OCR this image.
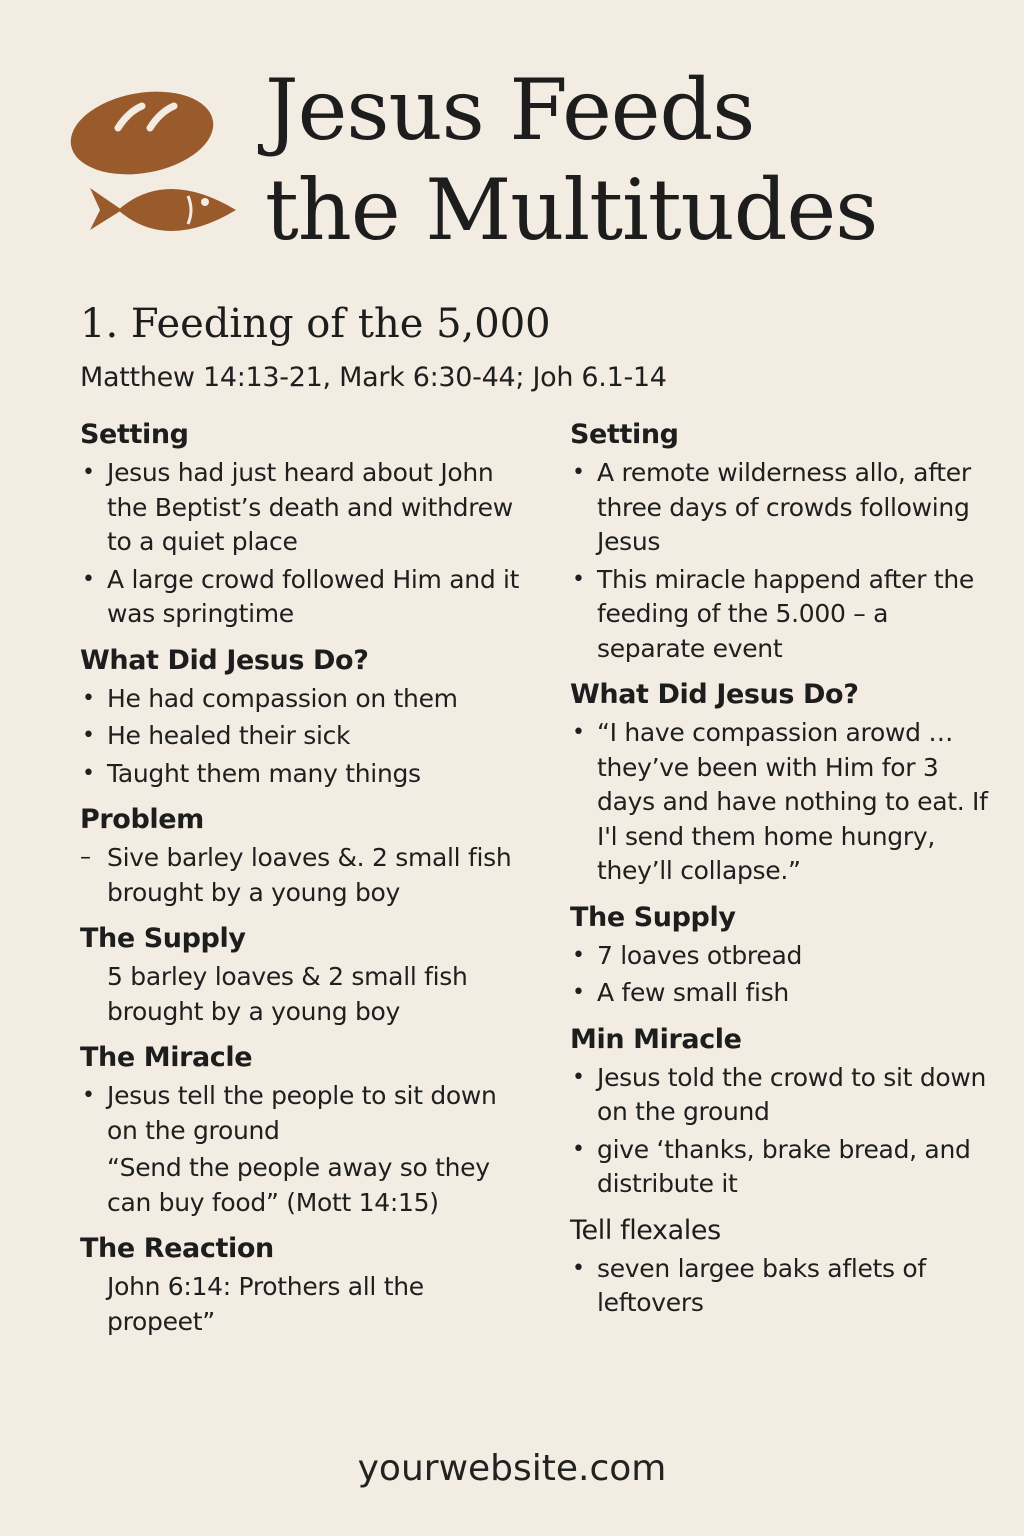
Jesus Feeds
the Multitudes
1. Feeding of the 5,000
Matthew 14:13-21, Mark 6:30-44; Joh 6.1-14
Setting
• Jesus had just heard about John the Beptist’s death and withdrew to a quiet place
• A large crowd followed Him and it was springtime
What Did Jesus Do?
• He had compassion on them
• He healed their sick
• Taught them many things
Problem
– Sive barley loaves &. 2 small fish brought by a young boy
The Supply
5 barley loaves & 2 small fish brought by a young boy
The Miracle
• Jesus tell the people to sit down on the ground
“Send the people away so they can buy food” (Mott 14:15)
The Reaction
John 6:14: Prothers all the propeet”
Setting
• A remote wilderness allo, after three days of crowds following Jesus
• This miracle happend after the feeding of the 5.000 – a separate event
What Did Jesus Do?
• “I have compassion arowd … they’ve been with Him for 3 days and have nothing to eat. If I'l send them home hungry, they’ll collapse.”
The Supply
• 7 loaves otbread
• A few small fish
Min Miracle
• Jesus told the crowd to sit down on the ground
• give ‘thanks, brake bread, and distribute it
Tell flexales
• seven largee baks aflets of leftovers
yourwebsite.com
